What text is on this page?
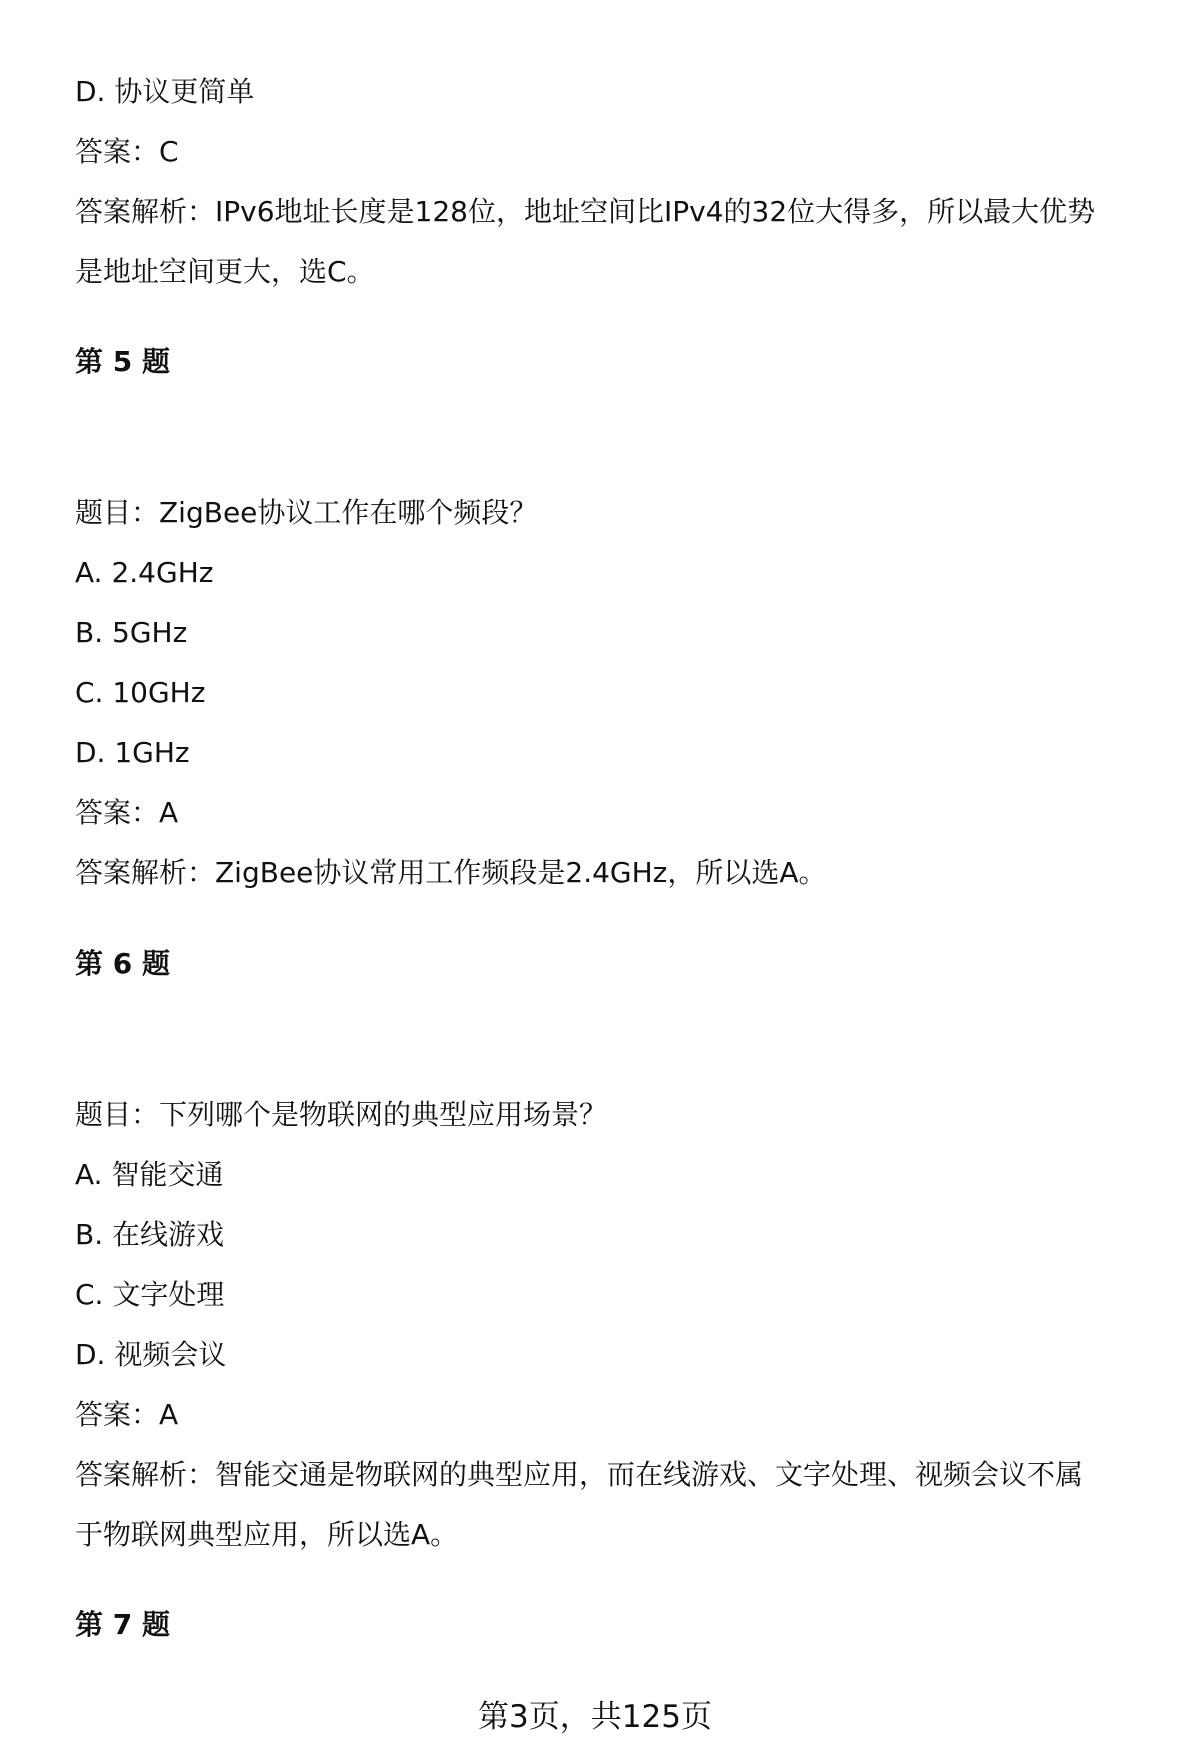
D. 协议更简单
答案：C
答案解析：IPv6地址长度是128位，地址空间比IPv4的32位大得多，所以最大优势
是地址空间更大，选C。
第 5 题
题目：ZigBee协议工作在哪个频段？
A. 2.4GHz
B. 5GHz
C. 10GHz
D. 1GHz
答案：A
答案解析：ZigBee协议常用工作频段是2.4GHz，所以选A。
第 6 题
题目：下列哪个是物联网的典型应用场景？
A. 智能交通
B. 在线游戏
C. 文字处理
D. 视频会议
答案：A
答案解析：智能交通是物联网的典型应用，而在线游戏、文字处理、视频会议不属
于物联网典型应用，所以选A。
第 7 题
第3页，共125页
